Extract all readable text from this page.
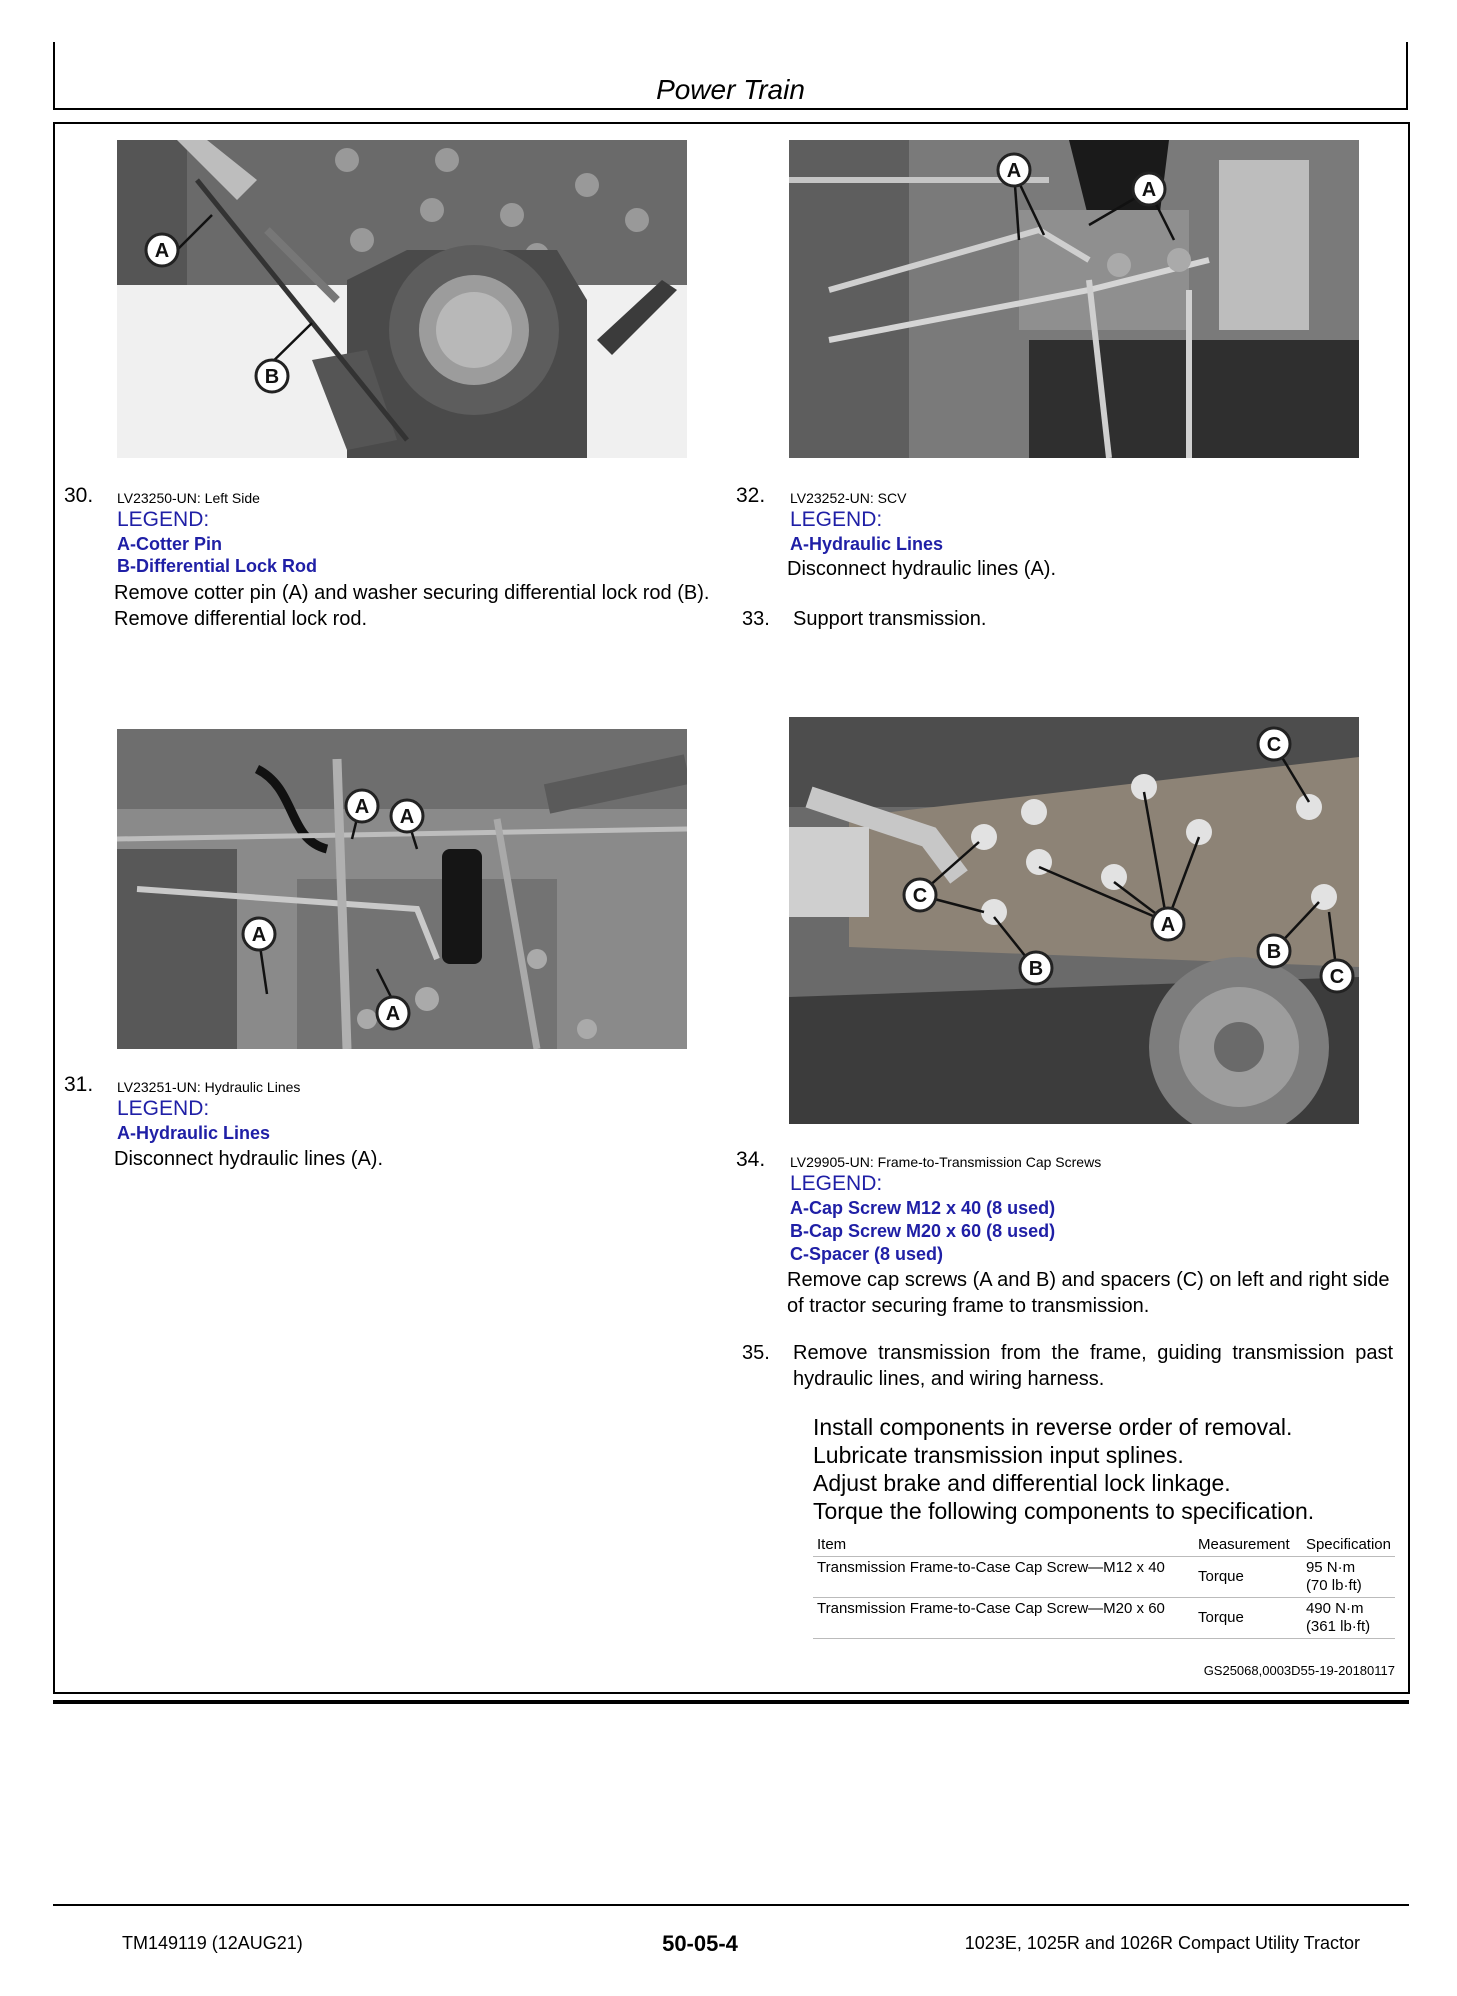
Power Train
A
B
30. LV23250-UN: Left Side
LEGEND:
A-Cotter Pin
B-Differential Lock Rod
Remove cotter pin (A) and washer securing differential lock rod (B). Remove differential lock rod.
A A
A
A
31. LV23251-UN: Hydraulic Lines
LEGEND:
A-Hydraulic Lines
Disconnect hydraulic lines (A).
A
A
32. LV23252-UN: SCV
LEGEND:
A-Hydraulic Lines
Disconnect hydraulic lines (A).
33. Support transmission.
A
B
B
C
C
C
34. LV29905-UN: Frame-to-Transmission Cap Screws
LEGEND:
A-Cap Screw M12 x 40 (8 used)
B-Cap Screw M20 x 60 (8 used)
C-Spacer (8 used)
Remove cap screws (A and B) and spacers (C) on left and right side of tractor securing frame to transmission.
35. Remove transmission from the frame, guiding transmission past hydraulic lines, and wiring harness.
Install components in reverse order of removal.
Lubricate transmission input splines.
Adjust brake and differential lock linkage.
Torque the following components to specification.
Item	Measurement	Specification
Transmission Frame-to-Case Cap Screw—M12 x 40	Torque	95 N·m
(70 lb·ft)

Transmission Frame-to-Case Cap Screw—M20 x 60	Torque	490 N·m
(361 lb·ft)
GS25068,0003D55-19-20180117
TM149119 (12AUG21)	50-05-4	1023E, 1025R and 1026R Compact Utility Tractor
